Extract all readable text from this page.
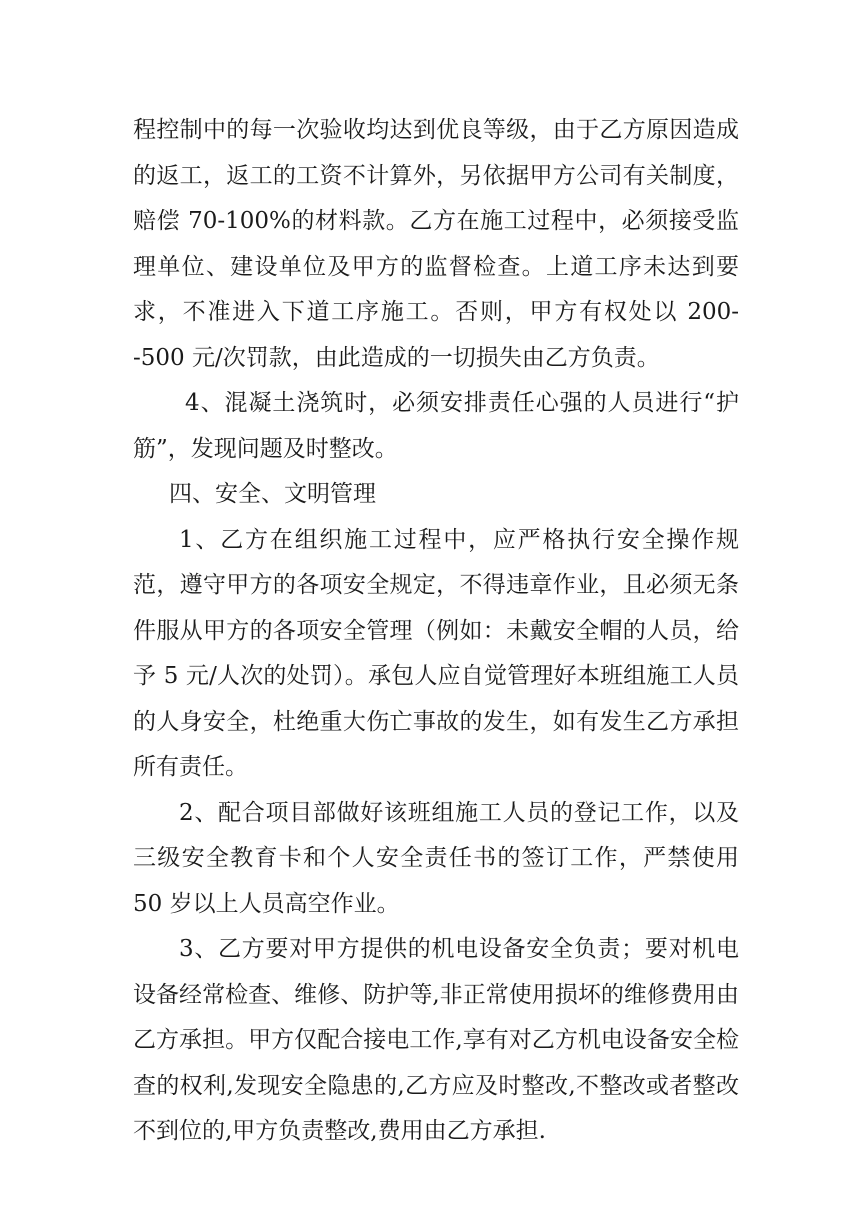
程控制中的每一次验收均达到优良等级，由于乙方原因造成的返工，返工的工资不计算外，另依据甲方公司有关制度，赔偿 70-100%的材料款。乙方在施工过程中，必须接受监理单位、建设单位及甲方的监督检查。上道工序未达到要求，不准进入下道工序施工。否则，甲方有权处以 200--500 元/次罚款，由此造成的一切损失由乙方负责。

4、混凝土浇筑时，必须安排责任心强的人员进行“护筋”，发现问题及时整改。

四、安全、文明管理

1、乙方在组织施工过程中，应严格执行安全操作规范，遵守甲方的各项安全规定，不得违章作业，且必须无条件服从甲方的各项安全管理（例如：未戴安全帽的人员，给予 5 元/人次的处罚）。承包人应自觉管理好本班组施工人员的人身安全，杜绝重大伤亡事故的发生，如有发生乙方承担所有责任。

2、配合项目部做好该班组施工人员的登记工作，以及三级安全教育卡和个人安全责任书的签订工作，严禁使用 50 岁以上人员高空作业。

3、乙方要对甲方提供的机电设备安全负责；要对机电设备经常检查、维修、防护等,非正常使用损坏的维修费用由乙方承担。甲方仅配合接电工作,享有对乙方机电设备安全检查的权利,发现安全隐患的,乙方应及时整改,不整改或者整改不到位的,甲方负责整改,费用由乙方承担.
